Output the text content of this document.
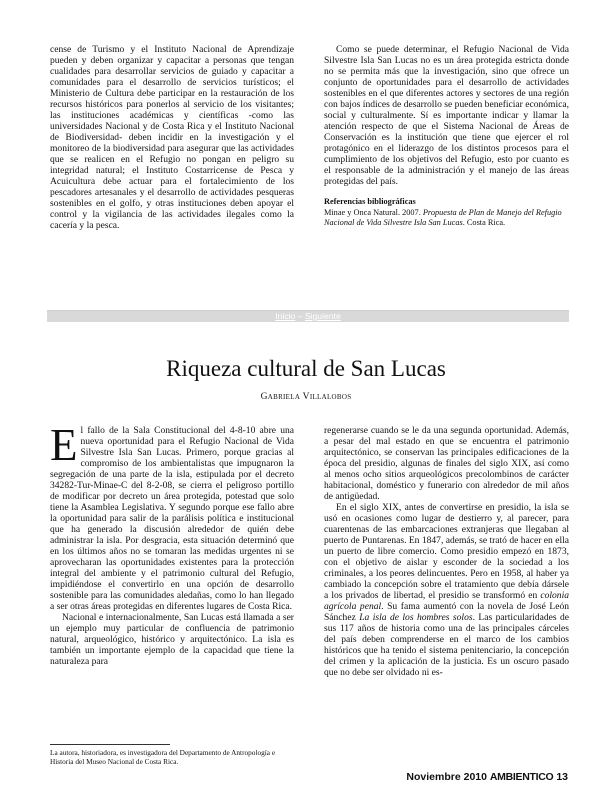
cense de Turismo y el Instituto Nacional de Aprendizaje pueden y deben organizar y capacitar a personas que tengan cualidades para desarrollar servicios de guiado y capacitar a comunidades para el desarrollo de servicios turísticos; el Ministerio de Cultura debe participar en la restauración de los recursos históricos para ponerlos al servicio de los visitantes; las instituciones académicas y científicas -como las universidades Nacional y de Costa Rica y el Instituto Nacional de Biodiversidad- deben incidir en la investigación y el monitoreo de la biodiversidad para asegurar que las actividades que se realicen en el Refugio no pongan en peligro su integridad natural; el Instituto Costarricense de Pesca y Acuicultura debe actuar para el fortalecimiento de los pescadores artesanales y el desarrollo de actividades pesqueras sostenibles en el golfo, y otras instituciones deben apoyar el control y la vigilancia de las actividades ilegales como la cacería y la pesca.

Como se puede determinar, el Refugio Nacional de Vida Silvestre Isla San Lucas no es un área protegida estricta donde no se permita más que la investigación, sino que ofrece un conjunto de oportunidades para el desarrollo de actividades sostenibles en el que diferentes actores y sectores de una región con bajos índices de desarrollo se pueden beneficiar económica, social y culturalmente. Sí es importante indicar y llamar la atención respecto de que el Sistema Nacional de Áreas de Conservación es la institución que tiene que ejercer el rol protagónico en el liderazgo de los distintos procesos para el cumplimiento de los objetivos del Refugio, esto por cuanto es el responsable de la administración y el manejo de las áreas protegidas del país.

Referencias bibliográficas
Minae y Onca Natural. 2007. Propuesta de Plan de Manejo del Refugio Nacional de Vida Silvestre Isla San Lucas. Costa Rica.
Inicio – Siguiente
Riqueza cultural de San Lucas
Gabriela Villalobos

El fallo de la Sala Constitucional del 4-8-10 abre una nueva oportunidad para el Refugio Nacional de Vida Silvestre Isla San Lucas. Primero, porque gracias al compromiso de los ambientalistas que impugnaron la segregación de una parte de la isla, estipulada por el decreto 34282-Tur-Minae-C del 8-2-08, se cierra el peligroso portillo de modificar por decreto un área protegida, potestad que solo tiene la Asamblea Legislativa. Y segundo porque ese fallo abre la oportunidad para salir de la parálisis política e institucional que ha generado la discusión alrededor de quién debe administrar la isla. Por desgracia, esta situación determinó que en los últimos años no se tomaran las medidas urgentes ni se aprovecharan las oportunidades existentes para la protección integral del ambiente y el patrimonio cultural del Refugio, impidiéndose el convertirlo en una opción de desarrollo sostenible para las comunidades aledañas, como lo han llegado a ser otras áreas protegidas en diferentes lugares de Costa Rica.

Nacional e internacionalmente, San Lucas está llamada a ser un ejemplo muy particular de confluencia de patrimonio natural, arqueológico, histórico y arquitectónico. La isla es también un importante ejemplo de la capacidad que tiene la naturaleza para

regenerarse cuando se le da una segunda oportunidad. Además, a pesar del mal estado en que se encuentra el patrimonio arquitectónico, se conservan las principales edificaciones de la época del presidio, algunas de finales del siglo XIX, así como al menos ocho sitios arqueológicos precolombinos de carácter habitacional, doméstico y funerario con alrededor de mil años de antigüedad.

En el siglo XIX, antes de convertirse en presidio, la isla se usó en ocasiones como lugar de destierro y, al parecer, para cuarentenas de las embarcaciones extranjeras que llegaban al puerto de Puntarenas. En 1847, además, se trató de hacer en ella un puerto de libre comercio. Como presidio empezó en 1873, con el objetivo de aislar y esconder de la sociedad a los criminales, a los peores delincuentes. Pero en 1958, al haber ya cambiado la concepción sobre el tratamiento que debía dársele a los privados de libertad, el presidio se transformó en colonia agrícola penal. Su fama aumentó con la novela de José León Sánchez La isla de los hombres solos. Las particularidades de sus 117 años de historia como una de las principales cárceles del país deben comprenderse en el marco de los cambios históricos que ha tenido el sistema penitenciario, la concepción del crimen y la aplicación de la justicia. Es un oscuro pasado que no debe ser olvidado ni es-

La autora, historiadora, es investigadora del Departamento de Antropología e Historia del Museo Nacional de Costa Rica.
Noviembre 2010 AMBIENTICO 13
